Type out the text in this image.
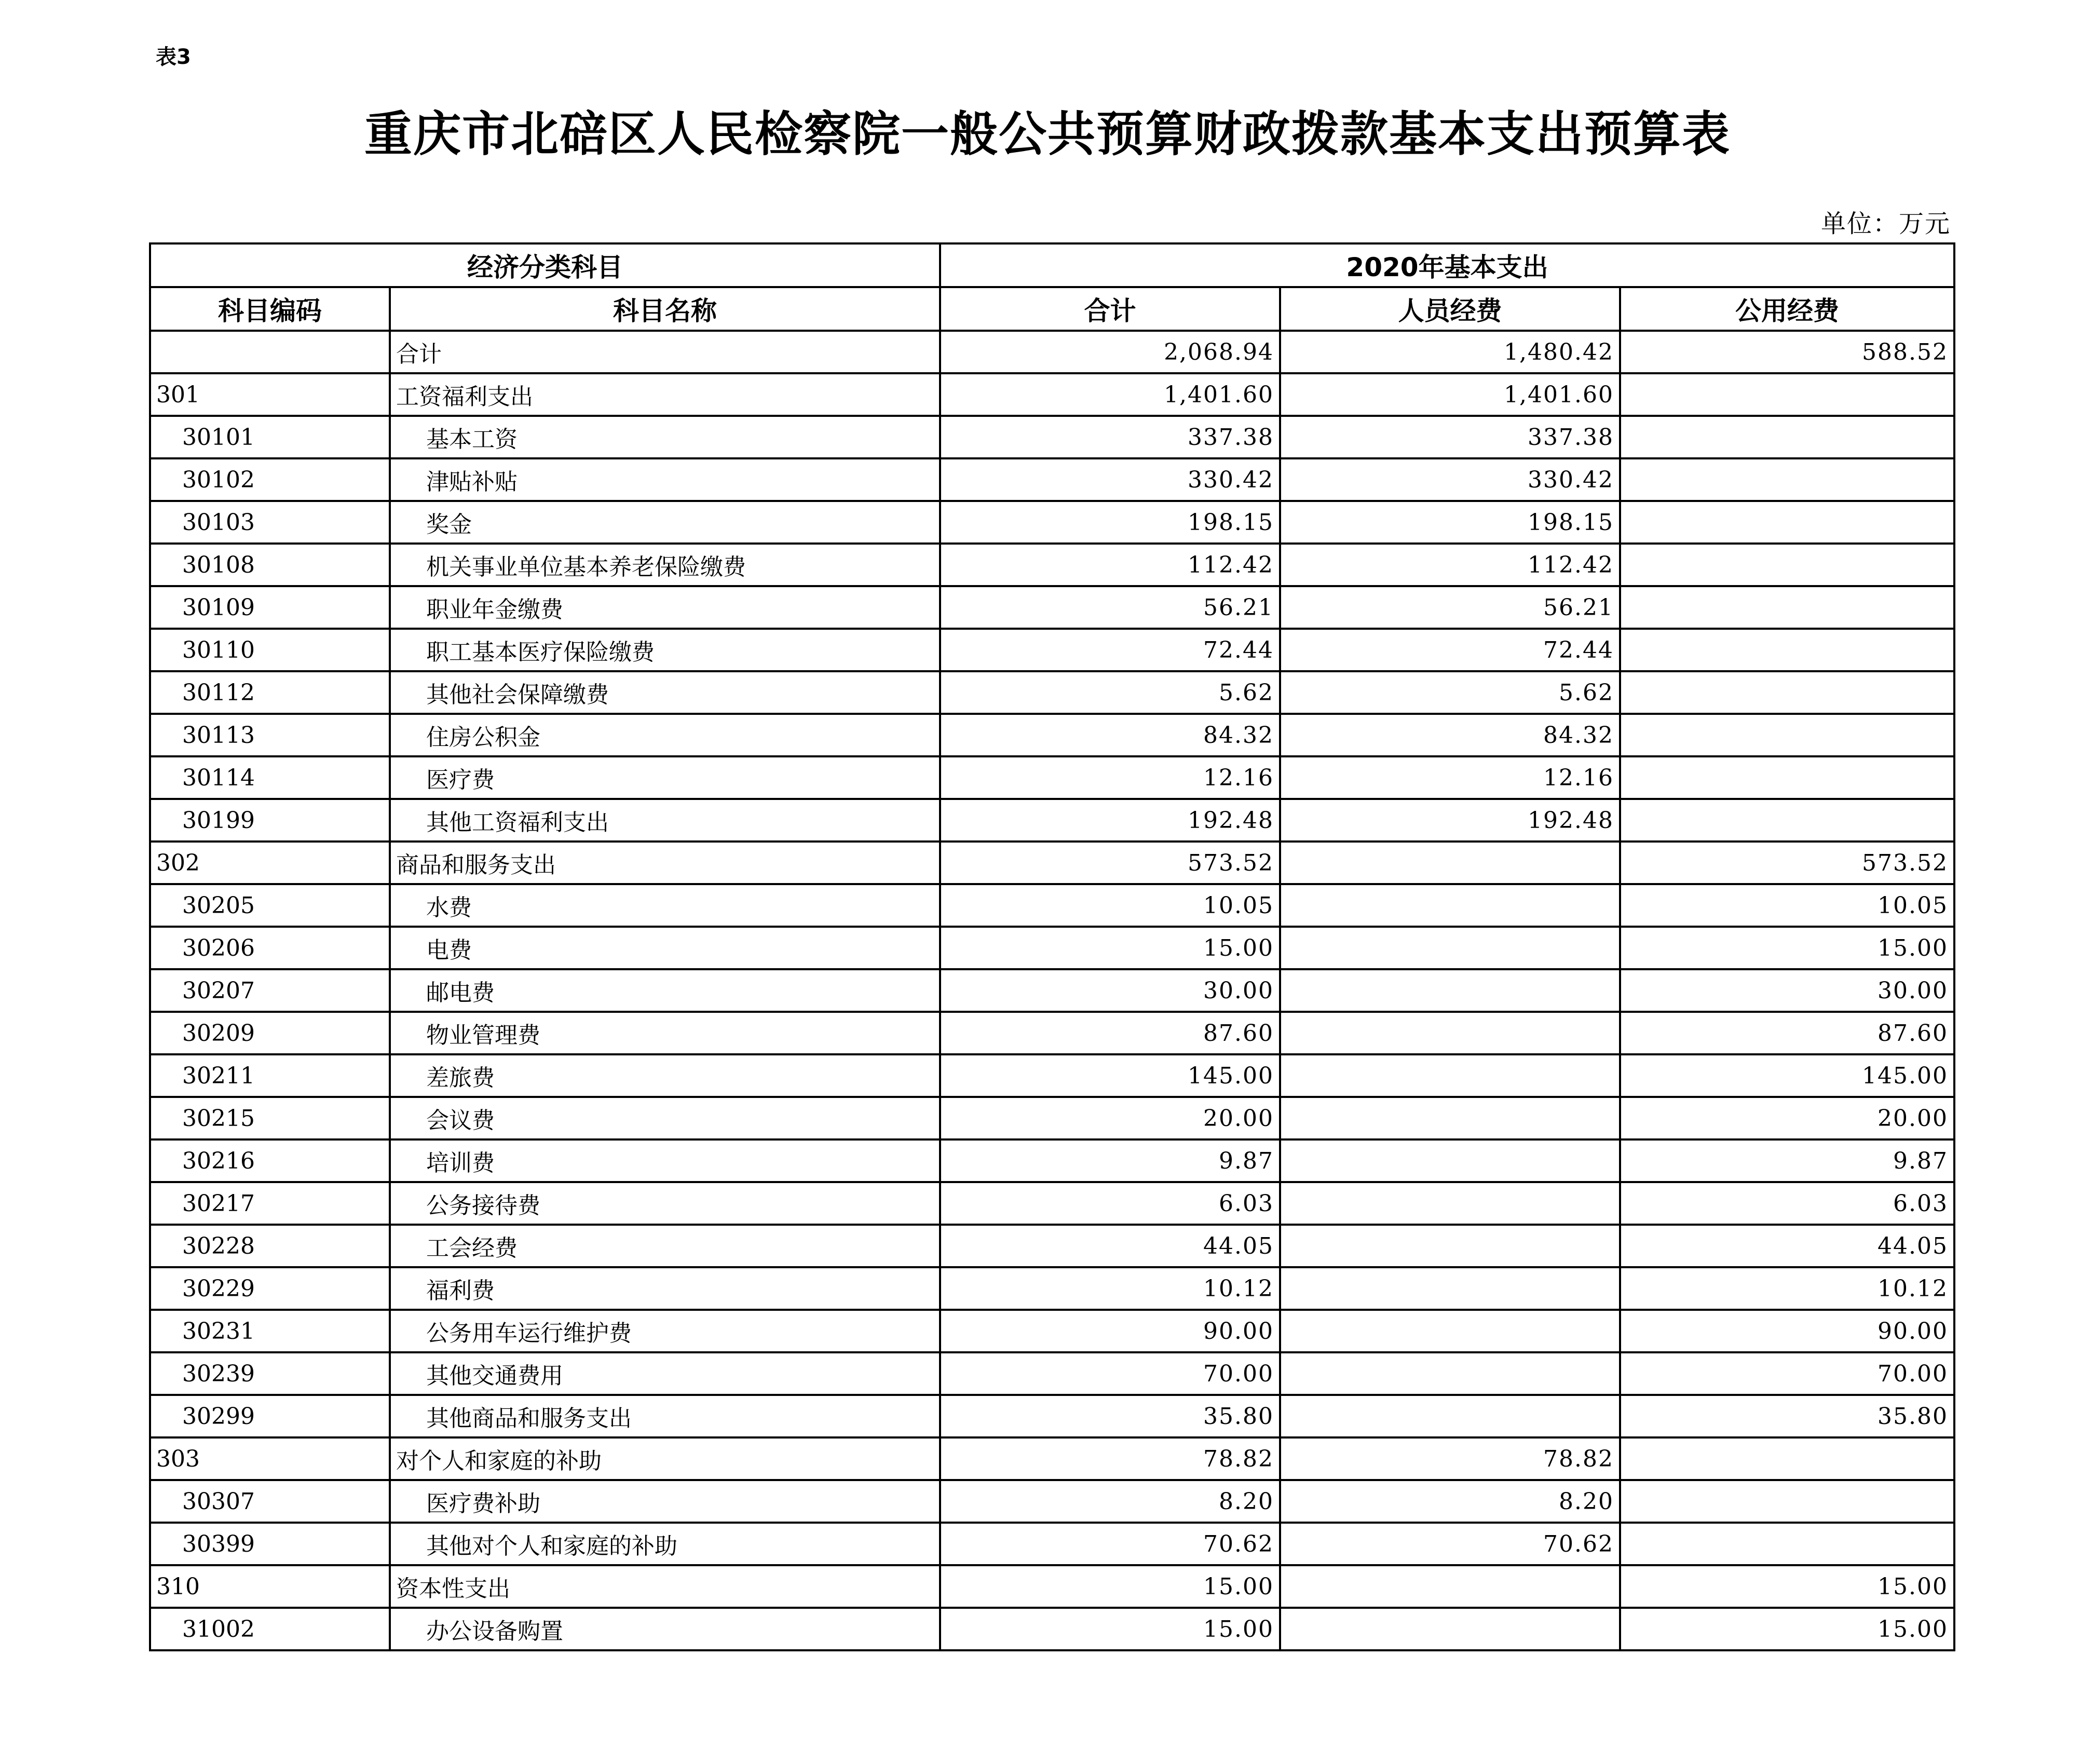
表3
重庆市北碚区人民检察院一般公共预算财政拨款基本支出预算表
单位：万元
经济分类科目		2020年基本支出		
科目编码	科目名称	合计	人员经费	公用经费
	合计	2,068.94	1,480.42	588.52
301	工资福利支出	1,401.60	1,401.60	
30101	基本工资	337.38	337.38	
30102	津贴补贴	330.42	330.42	
30103	奖金	198.15	198.15	
30108	机关事业单位基本养老保险缴费	112.42	112.42	
30109	职业年金缴费	56.21	56.21	
30110	职工基本医疗保险缴费	72.44	72.44	
30112	其他社会保障缴费	5.62	5.62	
30113	住房公积金	84.32	84.32	
30114	医疗费	12.16	12.16	
30199	其他工资福利支出	192.48	192.48	
302	商品和服务支出	573.52		573.52
30205	水费	10.05		10.05
30206	电费	15.00		15.00
30207	邮电费	30.00		30.00
30209	物业管理费	87.60		87.60
30211	差旅费	145.00		145.00
30215	会议费	20.00		20.00
30216	培训费	9.87		9.87
30217	公务接待费	6.03		6.03
30228	工会经费	44.05		44.05
30229	福利费	10.12		10.12
30231	公务用车运行维护费	90.00		90.00
30239	其他交通费用	70.00		70.00
30299	其他商品和服务支出	35.80		35.80
303	对个人和家庭的补助	78.82	78.82	
30307	医疗费补助	8.20	8.20	
30399	其他对个人和家庭的补助	70.62	70.62	
310	资本性支出	15.00		15.00
31002	办公设备购置	15.00		15.00
